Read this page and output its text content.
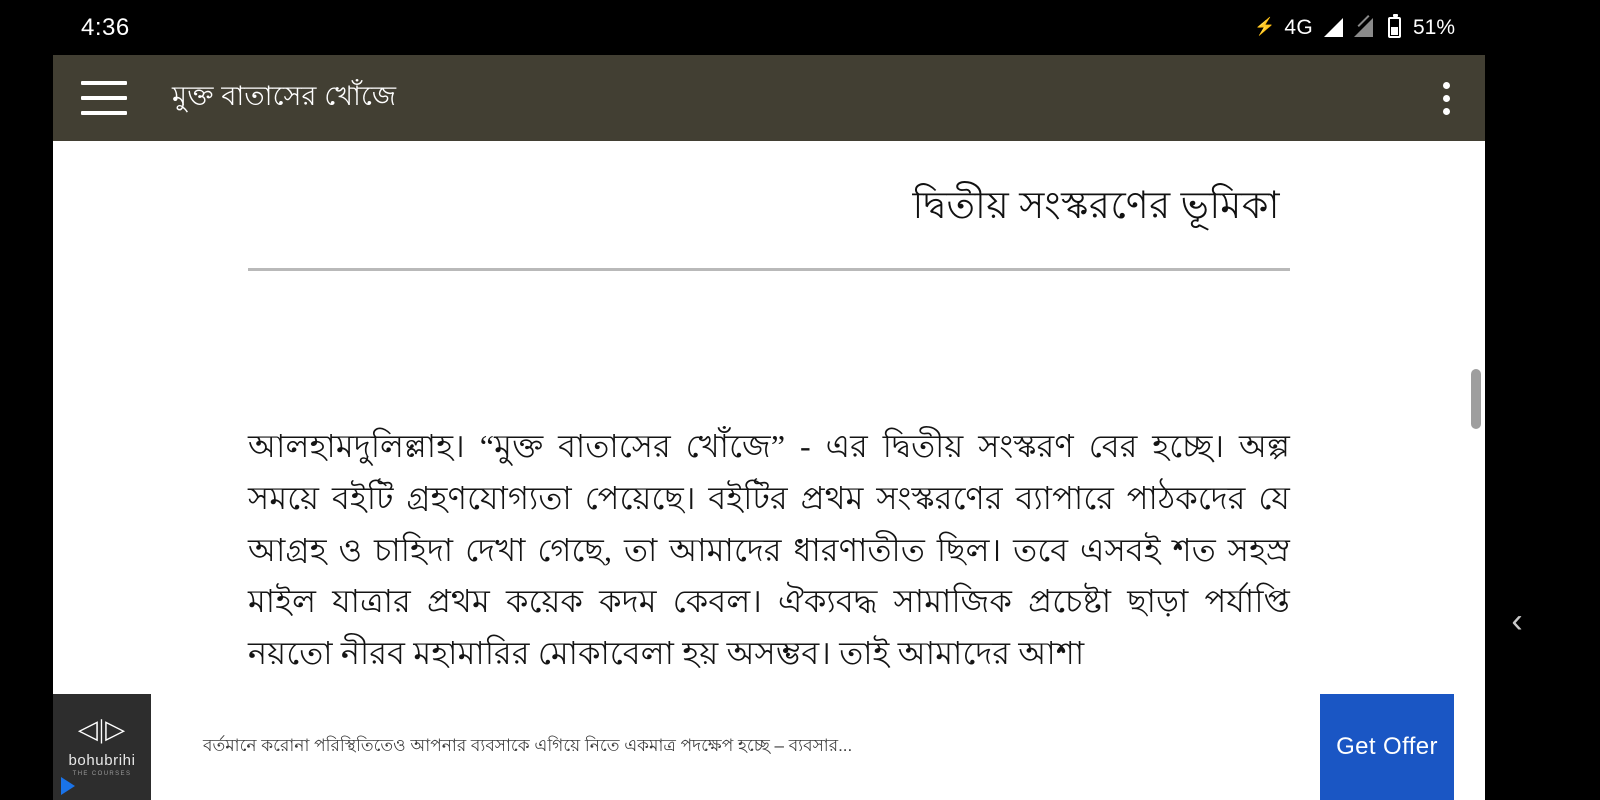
4:36	⚡ 4G	51%
মুক্ত বাতাসের খোঁজে
দ্বিতীয় সংস্করণের ভূমিকা
আলহামদুলিল্লাহ। “মুক্ত বাতাসের খোঁজে” - এর দ্বিতীয় সংস্করণ বের হচ্ছে। অল্প সময়ে বইটি গ্রহণযোগ্যতা পেয়েছে। বইটির প্রথম সংস্করণের ব্যাপারে পাঠকদের যে আগ্রহ ও চাহিদা দেখা গেছে, তা আমাদের ধারণাতীত ছিল। তবে এসবই শত সহস্র মাইল যাত্রার প্রথম কয়েক কদম কেবল। ঐক্যবদ্ধ সামাজিক প্রচেষ্টা ছাড়া পর্যাপ্তি নয়তো নীরব মহামারির মোকাবেলা হয় অসম্ভব। তাই আমাদের আশা
‹
◁|▷
bohubrihi
THE COURSES
বর্তমানে করোনা পরিস্থিতিতেও আপনার ব্যবসাকে এগিয়ে নিতে একমাত্র পদক্ষেপ হচ্ছে – ব্যবসার...	Get Offer
